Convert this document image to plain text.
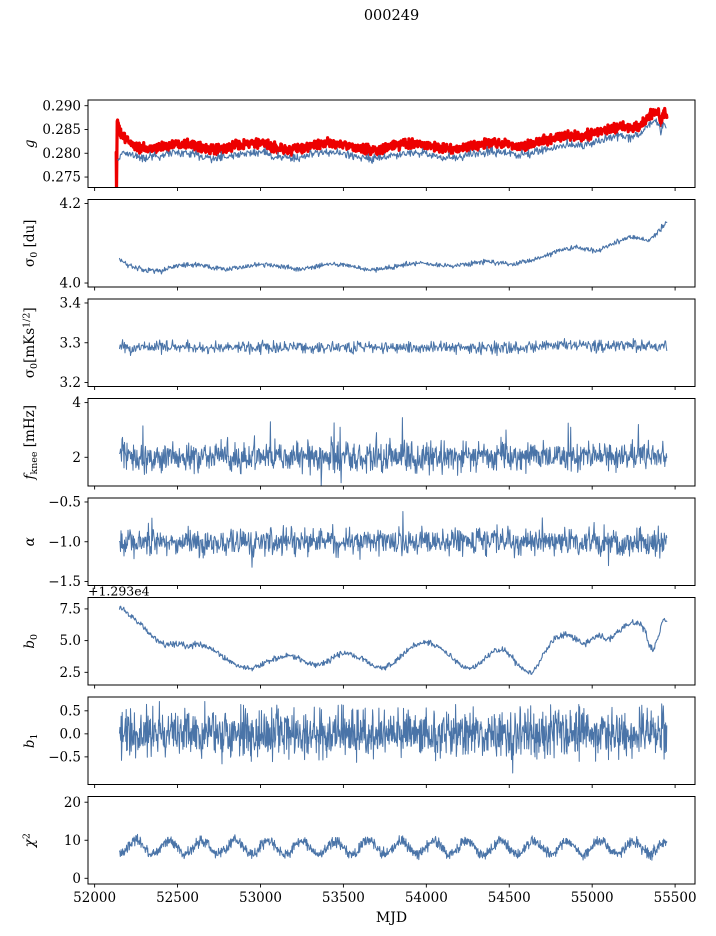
000249
0.290
0.285
0.280
0.275
g
4.2
4.0
$\sigma_0$ [du]
3.4
3.3
3.2
$\sigma_0[mKs^{1/2}]$
4
2
$f_{knee}$ [mHz]
−0.5
−1.0
−1.5
α
7.5
5.0
2.5
$b_0$
+1.293e4
0.5
0.0
−0.5
$b_1$
20
10
0
52000	52500	53000	53500	54000	54500	55000	55500
$\chi^2$
MJD
